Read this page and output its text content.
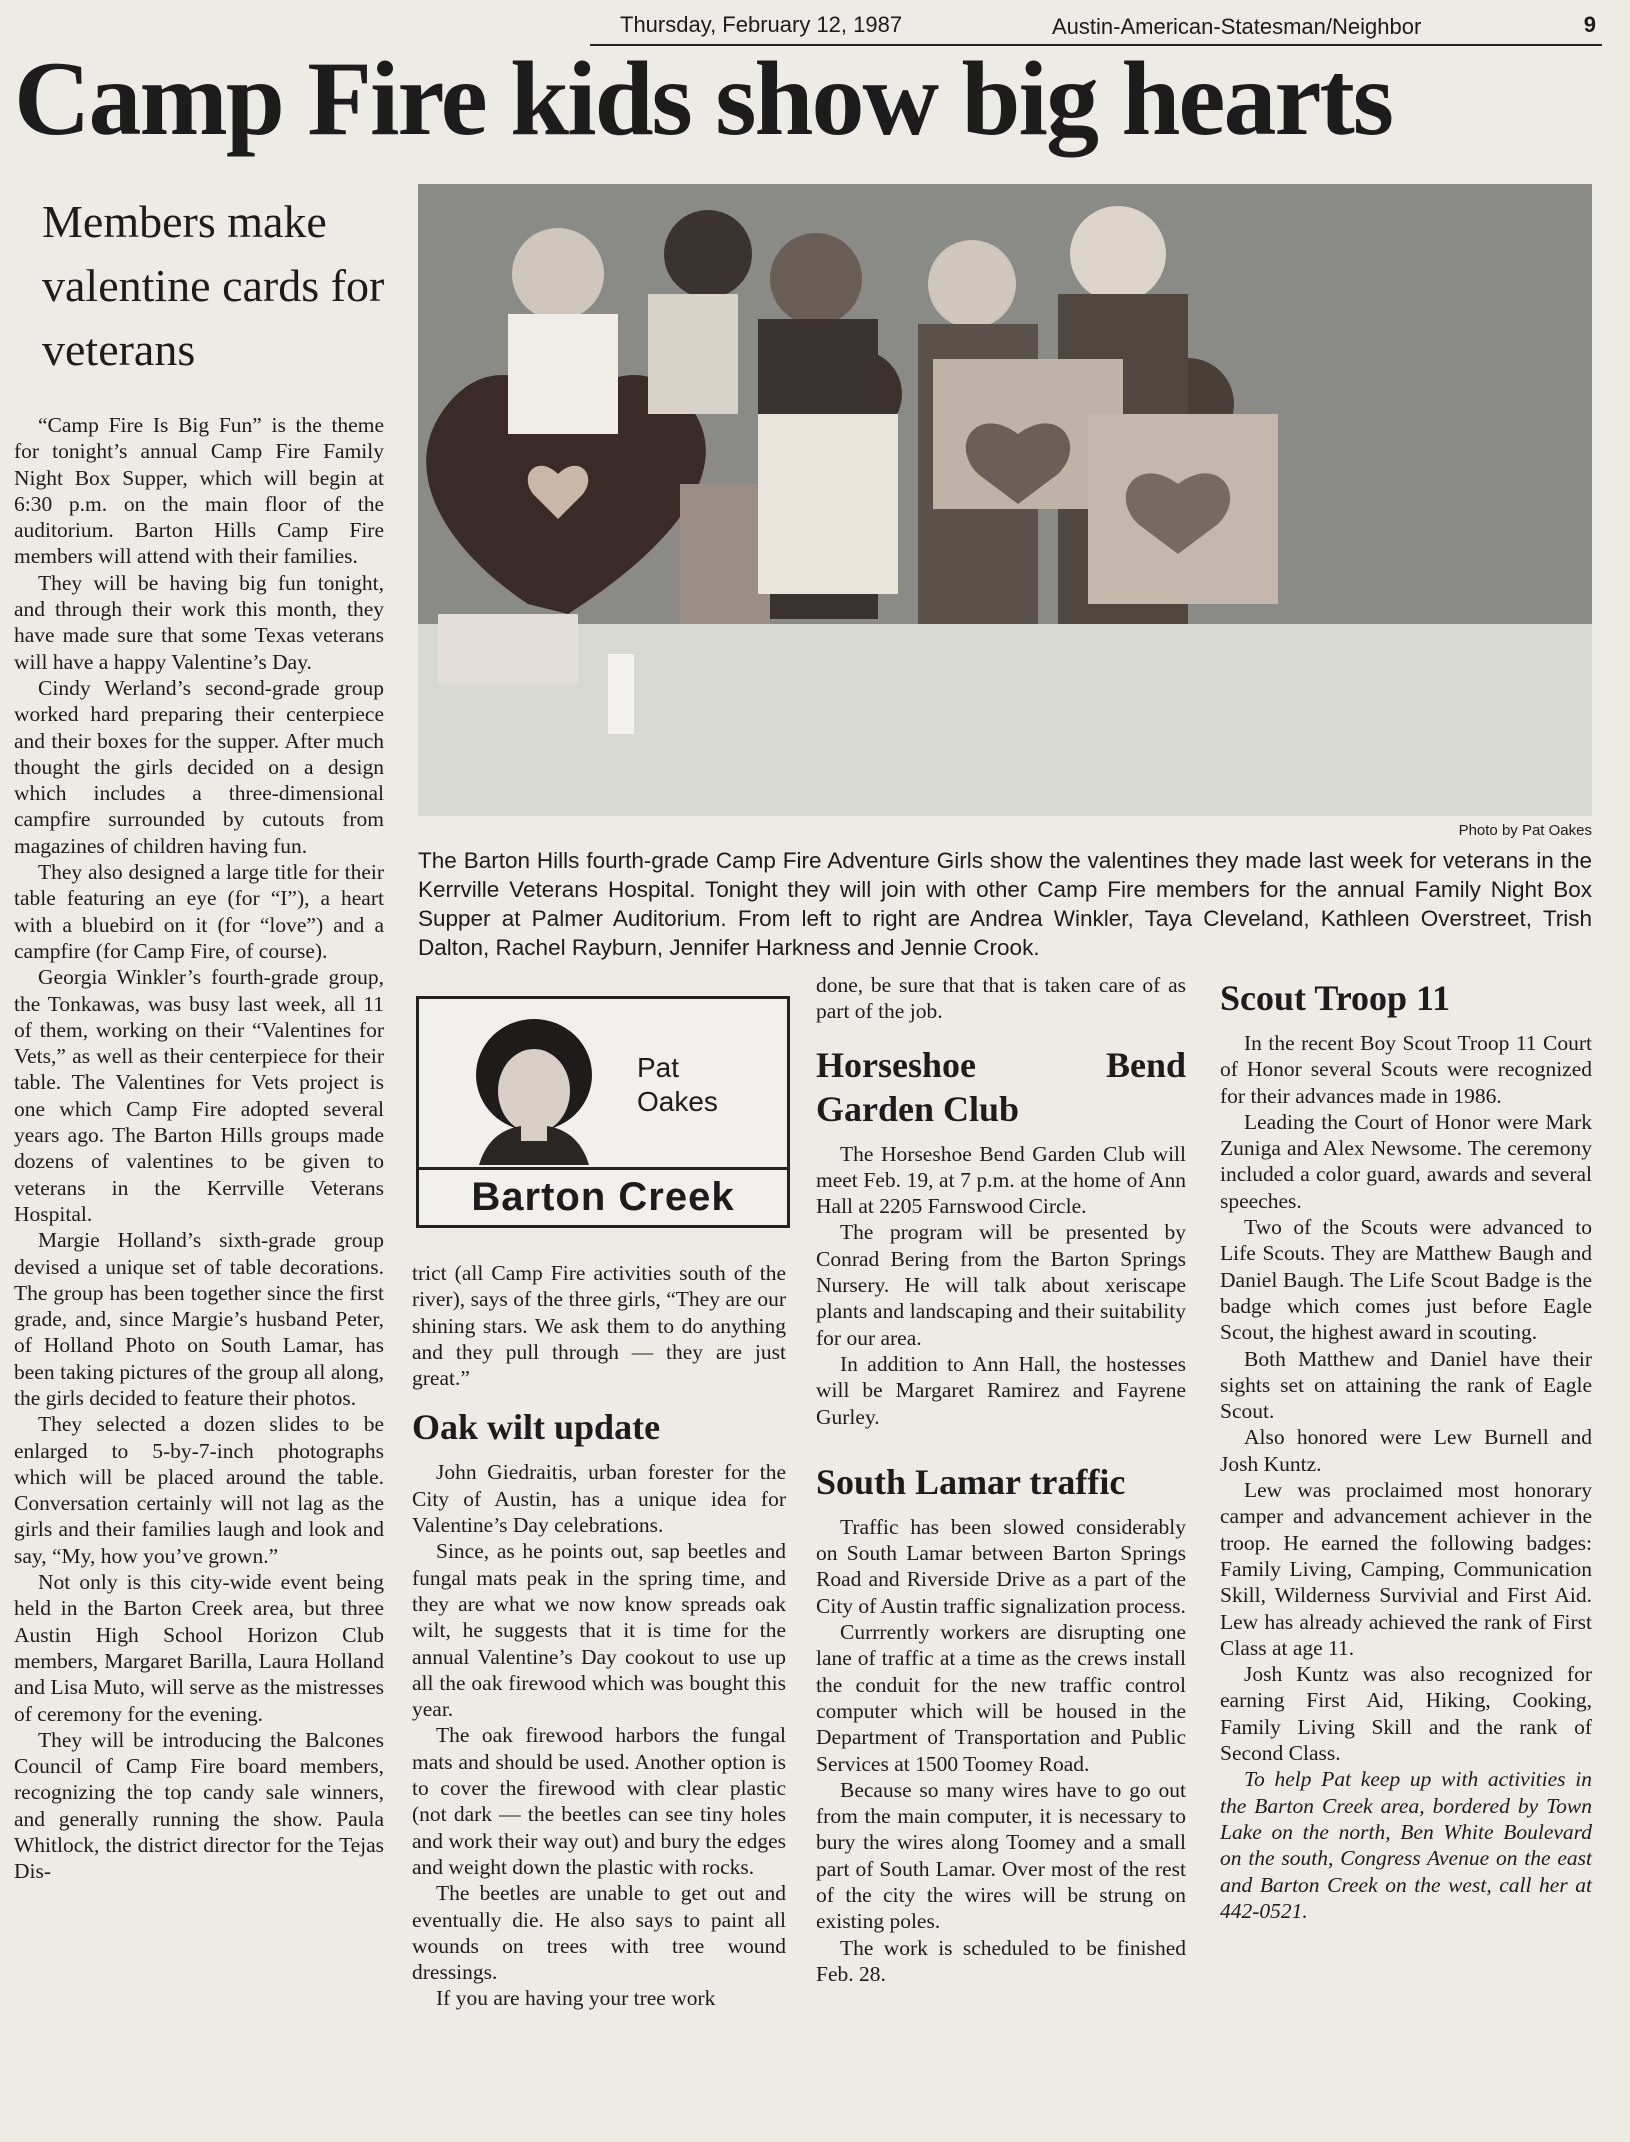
Thursday, February 12, 1987	Austin-American-Statesman/Neighbor	9
Camp Fire kids show big hearts
Members make valentine cards for veterans

“Camp Fire Is Big Fun” is the theme for tonight’s annual Camp Fire Family Night Box Supper, which will begin at 6:30 p.m. on the main floor of the auditorium. Barton Hills Camp Fire members will attend with their families.

They will be having big fun tonight, and through their work this month, they have made sure that some Texas veterans will have a happy Valentine’s Day.

Cindy Werland’s second-grade group worked hard preparing their centerpiece and their boxes for the supper. After much thought the girls decided on a design which includes a three-dimensional campfire surrounded by cutouts from magazines of children having fun.

They also designed a large title for their table featuring an eye (for “I”), a heart with a bluebird on it (for “love”) and a campfire (for Camp Fire, of course).

Georgia Winkler’s fourth-grade group, the Tonkawas, was busy last week, all 11 of them, working on their “Valentines for Vets,” as well as their centerpiece for their table. The Valentines for Vets project is one which Camp Fire adopted several years ago. The Barton Hills groups made dozens of valentines to be given to veterans in the Kerrville Veterans Hospital.

Margie Holland’s sixth-grade group devised a unique set of table decorations. The group has been together since the first grade, and, since Margie’s husband Peter, of Holland Photo on South Lamar, has been taking pictures of the group all along, the girls decided to feature their photos.

They selected a dozen slides to be enlarged to 5-by-7-inch photographs which will be placed around the table. Conversation certainly will not lag as the girls and their families laugh and look and say, “My, how you’ve grown.”

Not only is this city-wide event being held in the Barton Creek area, but three Austin High School Horizon Club members, Margaret Barilla, Laura Holland and Lisa Muto, will serve as the mistresses of ceremony for the evening.

They will be introducing the Balcones Council of Camp Fire board members, recognizing the top candy sale winners, and generally running the show. Paula Whitlock, the district director for the Tejas Dis-

Photo by Pat Oakes
The Barton Hills fourth-grade Camp Fire Adventure Girls show the valentines they made last week for veterans in the Kerrville Veterans Hospital. Tonight they will join with other Camp Fire members for the annual Family Night Box Supper at Palmer Auditorium. From left to right are Andrea Winkler, Taya Cleveland, Kathleen Overstreet, Trish Dalton, Rachel Rayburn, Jennifer Harkness and Jennie Crook.
Pat Oakes
Barton Creek

trict (all Camp Fire activities south of the river), says of the three girls, “They are our shining stars. We ask them to do anything and they pull through — they are just great.”

Oak wilt update

John Giedraitis, urban forester for the City of Austin, has a unique idea for Valentine’s Day celebrations.

Since, as he points out, sap beetles and fungal mats peak in the spring time, and they are what we now know spreads oak wilt, he suggests that it is time for the annual Valentine’s Day cookout to use up all the oak firewood which was bought this year.

The oak firewood harbors the fungal mats and should be used. Another option is to cover the firewood with clear plastic (not dark — the beetles can see tiny holes and work their way out) and bury the edges and weight down the plastic with rocks.

The beetles are unable to get out and eventually die. He also says to paint all wounds on trees with tree wound dressings.

If you are having your tree work

done, be sure that that is taken care of as part of the job.

Horseshoe Bend Garden Club

The Horseshoe Bend Garden Club will meet Feb. 19, at 7 p.m. at the home of Ann Hall at 2205 Farnswood Circle.

The program will be presented by Conrad Bering from the Barton Springs Nursery. He will talk about xeriscape plants and landscaping and their suitability for our area.

In addition to Ann Hall, the hostesses will be Margaret Ramirez and Fayrene Gurley.

South Lamar traffic

Traffic has been slowed considerably on South Lamar between Barton Springs Road and Riverside Drive as a part of the City of Austin traffic signalization process.

Currrently workers are disrupting one lane of traffic at a time as the crews install the conduit for the new traffic control computer which will be housed in the Department of Transportation and Public Services at 1500 Toomey Road.

Because so many wires have to go out from the main computer, it is necessary to bury the wires along Toomey and a small part of South Lamar. Over most of the rest of the city the wires will be strung on existing poles.

The work is scheduled to be finished Feb. 28.

Scout Troop 11

In the recent Boy Scout Troop 11 Court of Honor several Scouts were recognized for their advances made in 1986.

Leading the Court of Honor were Mark Zuniga and Alex Newsome. The ceremony included a color guard, awards and several speeches.

Two of the Scouts were advanced to Life Scouts. They are Matthew Baugh and Daniel Baugh. The Life Scout Badge is the badge which comes just before Eagle Scout, the highest award in scouting.

Both Matthew and Daniel have their sights set on attaining the rank of Eagle Scout.

Also honored were Lew Burnell and Josh Kuntz.

Lew was proclaimed most honorary camper and advancement achiever in the troop. He earned the following badges: Family Living, Camping, Communication Skill, Wilderness Survivial and First Aid. Lew has already achieved the rank of First Class at age 11.

Josh Kuntz was also recognized for earning First Aid, Hiking, Cooking, Family Living Skill and the rank of Second Class.

To help Pat keep up with activities in the Barton Creek area, bordered by Town Lake on the north, Ben White Boulevard on the south, Congress Avenue on the east and Barton Creek on the west, call her at 442-0521.
